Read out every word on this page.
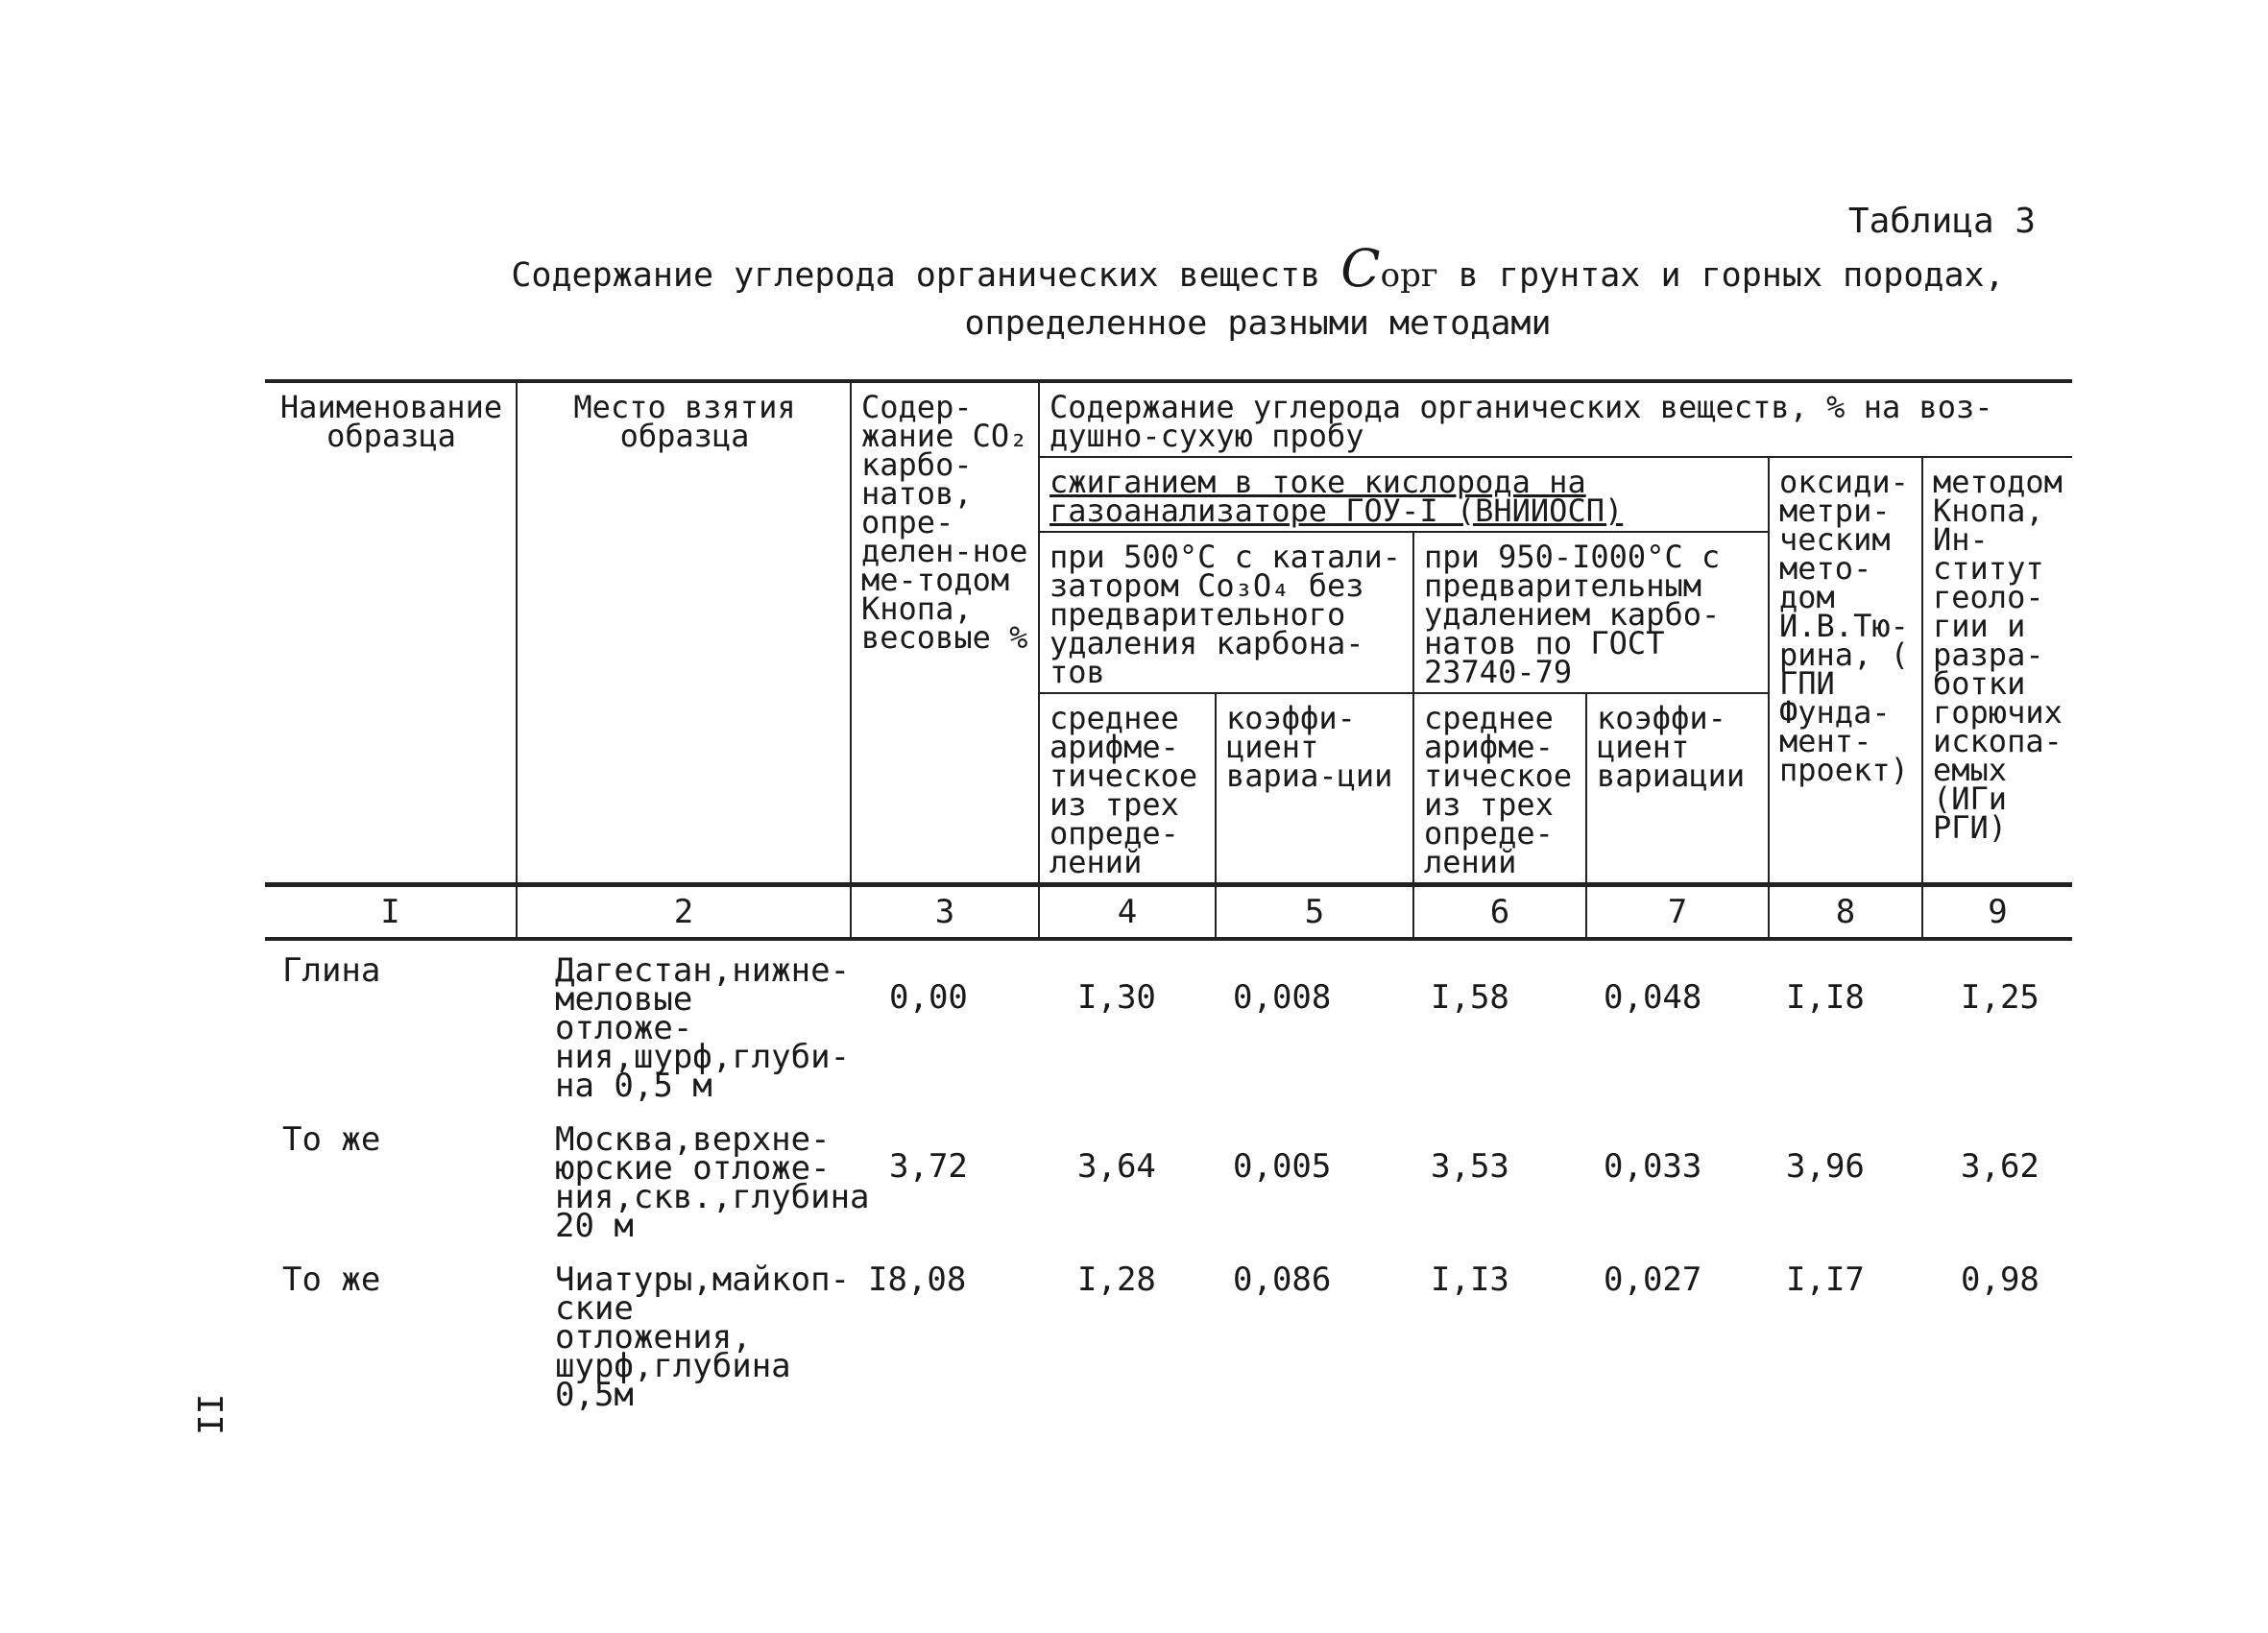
Таблица 3
Содержание углерода органических веществ Cорг в грунтах и горных породах,
определенное разными методами
Наименование образца	Место взятия образца	Содер-жание СО₂ карбо-натов, опре-делен-ное ме-тодом Кнопа, весовые %	Содержание углерода органических веществ, % на воз-душно-сухую пробу					
			сжиганием в токе кислорода на газоанализаторе ГОУ-I (ВНИИОСП)				оксиди-метри-ческим мето-дом И.В.Тю-рина, ( ГПИ Фунда-мент-проект)	методом Кнопа, Ин-ститут геоло-гии и разра-ботки горючих ископа-емых (ИГи РГИ)
			при 500°С с катали-затором Со₃О₄ без предварительного удаления карбона-тов		при 950-I000°С с предварительным удалением карбо-натов по ГОСТ 23740-79			
			среднее арифме-тическое из трех опреде-лений	коэффи-циент вариа-ции	среднее арифме-тическое из трех опреде-лений	коэффи-циент вариации		
I	2	3	4	5	6	7	8	9
Глина	Дагестан,нижне-меловые отложе-ния,шурф,глуби-на 0,5 м	0,00	I,30	0,008	I,58	0,048	I,I8	I,25
То же	Москва,верхне-юрские отложе-ния,скв.,глубина 20 м	3,72	3,64	0,005	3,53	0,033	3,96	3,62
То же	Чиатуры,майкоп-ские отложения, шурф,глубина 0,5м	I8,08	I,28	0,086	I,I3	0,027	I,I7	0,98
II
